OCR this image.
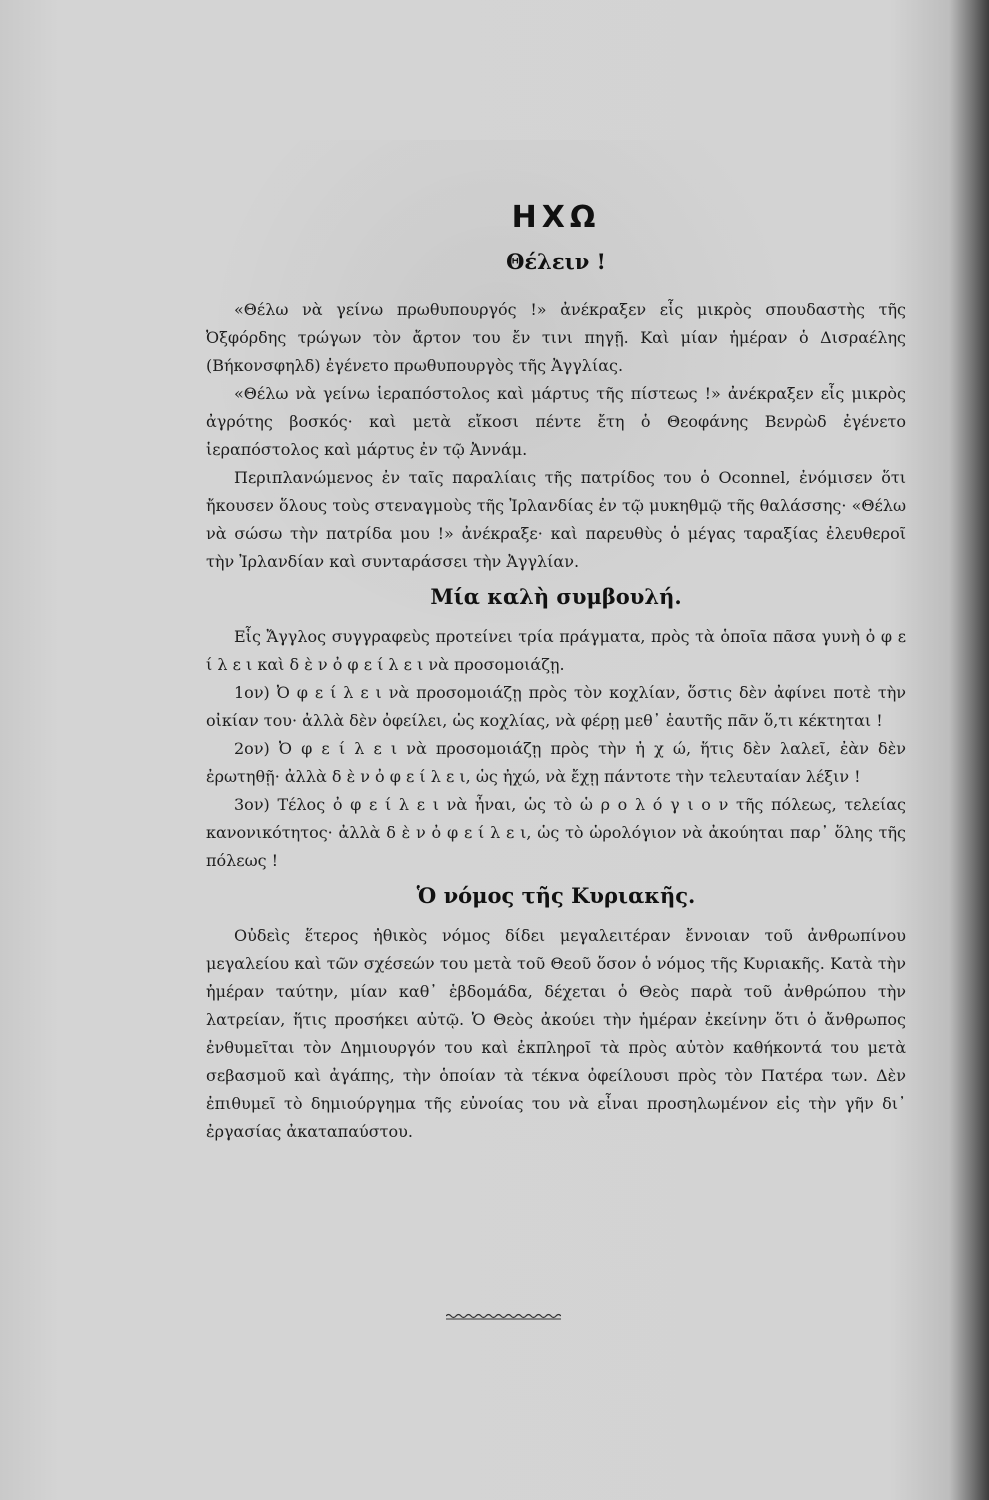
ΗΧΩ
Θέλειν !

«Θέλω νὰ γείνω πρωθυπουργός !» ἀνέκραξεν εἷς μικρὸς σπουδαστὴς τῆς Ὀξφόρδης τρώγων τὸν ἄρτον του ἔν τινι πηγῇ. Καὶ μίαν ἡμέραν ὁ Δισραέλης (Βήκονσφηλδ) ἐγένετο πρωθυπουργὸς τῆς Ἀγγλίας.

«Θέλω νὰ γείνω ἱεραπόστολος καὶ μάρτυς τῆς πίστεως !» ἀνέκραξεν εἷς μικρὸς ἀγρότης βοσκός· καὶ μετὰ εἴκοσι πέντε ἔτη ὁ Θεοφάνης Βενρὼδ ἐγένετο ἱεραπόστολος καὶ μάρτυς ἐν τῷ Ἀννάμ.

Περιπλανώμενος ἐν ταῖς παραλίαις τῆς πατρίδος του ὁ Oconnel, ἐνόμισεν ὅτι ἤκουσεν ὅλους τοὺς στεναγμοὺς τῆς Ἰρλανδίας ἐν τῷ μυκηθμῷ τῆς θαλάσσης· «Θέλω νὰ σώσω τὴν πατρίδα μου !» ἀνέκραξε· καὶ παρευθὺς ὁ μέγας ταραξίας ἐλευθεροῖ τὴν Ἰρλανδίαν καὶ συνταράσσει τὴν Ἀγγλίαν.

Μία καλὴ συμβουλή.

Εἷς Ἄγγλος συγγραφεὺς προτείνει τρία πράγματα, πρὸς τὰ ὁποῖα πᾶσα γυνὴ ὀ φ ε ί λ ε ι καὶ δ ὲ ν ὀ φ ε ί λ ε ι νὰ προσομοιάζῃ.

1ον) Ὀ φ ε ί λ ε ι νὰ προσομοιάζῃ πρὸς τὸν κοχλίαν, ὅστις δὲν ἀφίνει ποτὲ τὴν οἰκίαν του· ἀλλὰ δὲν ὀφείλει, ὡς κοχλίας, νὰ φέρῃ μεθ᾽ ἑαυτῆς πᾶν ὅ,τι κέκτηται !

2ον) Ὀ φ ε ί λ ε ι νὰ προσομοιάζῃ πρὸς τὴν ἠ χ ώ, ἥτις δὲν λαλεῖ, ἐὰν δὲν ἐρωτηθῇ· ἀλλὰ δ ὲ ν ὀ φ ε ί λ ε ι, ὡς ἠχώ, νὰ ἔχῃ πάντοτε τὴν τελευταίαν λέξιν !

3ον) Τέλος ὀ φ ε ί λ ε ι νὰ ἦναι, ὡς τὸ ὡ ρ ο λ ό γ ι ο ν τῆς πόλεως, τελείας κανονικότητος· ἀλλὰ δ ὲ ν ὀ φ ε ί λ ε ι, ὡς τὸ ὡρολόγιον νὰ ἀκούηται παρ᾽ ὅλης τῆς πόλεως !

Ὁ νόμος τῆς Κυριακῆς.

Οὐδεὶς ἕτερος ἠθικὸς νόμος δίδει μεγαλειτέραν ἔννοιαν τοῦ ἀνθρωπίνου μεγαλείου καὶ τῶν σχέσεών του μετὰ τοῦ Θεοῦ ὅσον ὁ νόμος τῆς Κυριακῆς. Κατὰ τὴν ἡμέραν ταύτην, μίαν καθ᾽ ἑβδομάδα, δέχεται ὁ Θεὸς παρὰ τοῦ ἀνθρώπου τὴν λατρείαν, ἥτις προσήκει αὐτῷ. Ὁ Θεὸς ἀκούει τὴν ἡμέραν ἐκείνην ὅτι ὁ ἄνθρωπος ἐνθυμεῖται τὸν Δημιουργόν του καὶ ἐκπληροῖ τὰ πρὸς αὐτὸν καθήκοντά του μετὰ σεβασμοῦ καὶ ἀγάπης, τὴν ὁποίαν τὰ τέκνα ὀφείλουσι πρὸς τὸν Πατέρα των. Δὲν ἐπιθυμεῖ τὸ δημιούργημα τῆς εὐνοίας του νὰ εἶναι προσηλωμένον εἰς τὴν γῆν δι᾽ ἐργασίας ἀκαταπαύστου.
